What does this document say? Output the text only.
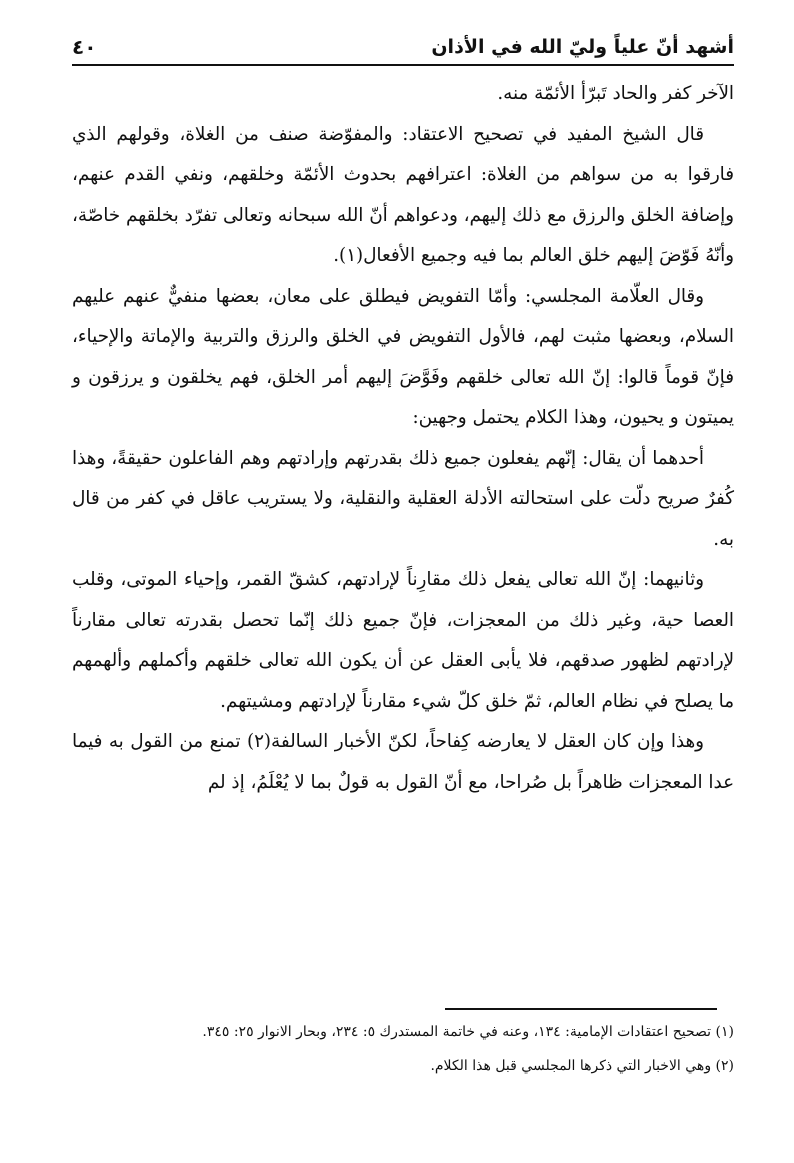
أشهد أنّ علياً وليّ الله في الأذان
٤٠

الآخر كفر والحاد تَبرّأ الأئمّة منه.

قال الشيخ المفيد في تصحيح الاعتقاد: والمفوّضة صنف من الغلاة، وقولهم الذي فارقوا به من سواهم من الغلاة: اعترافهم بحدوث الأئمّة وخلقهم، ونفي القدم عنهم، وإضافة الخلق والرزق مع ذلك إليهم، ودعواهم أنّ الله سبحانه وتعالى تفرّد بخلقهم خاصّة، وأنّهُ فَوّضَ إليهم خلق العالم بما فيه وجميع الأفعال(١).

وقال العلّامة المجلسي: وأمّا التفويض فيطلق على معان، بعضها منفيٌّ عنهم عليهم السلام، وبعضها مثبت لهم، فالأول التفويض في الخلق والرزق والتربية والإماتة والإحياء، فإنّ قوماً قالوا: إنّ الله تعالى خلقهم وفَوَّضَ إليهم أمر الخلق، فهم يخلقون و يرزقون و يميتون و يحيون، وهذا الكلام يحتمل وجهين:

أحدهما أن يقال: إنّهم يفعلون جميع ذلك بقدرتهم وإرادتهم وهم الفاعلون حقيقةً، وهذا كُفرٌ صريح دلّت على استحالته الأدلة العقلية والنقلية، ولا يستريب عاقل في كفر من قال به.

وثانيهما: إنّ الله تعالى يفعل ذلك مقارِناً لإرادتهم، كشقّ القمر، وإحياء الموتى، وقلب العصا حية، وغير ذلك من المعجزات، فإنّ جميع ذلك إنّما تحصل بقدرته تعالى مقارناً لإرادتهم لظهور صدقهم، فلا يأبى العقل عن أن يكون الله تعالى خلقهم وأكملهم وألهمهم ما يصلح في نظام العالم، ثمّ خلق كلّ شيء مقارناً لإرادتهم ومشيتهم.

وهذا وإن كان العقل لا يعارضه كِفاحاً، لكنّ الأخبار السالفة(٢) تمنع من القول به فيما عدا المعجزات ظاهراً بل صُراحا، مع أنّ القول به قولٌ بما لا يُعْلَمُ، إذ لم

(١) تصحيح اعتقادات الإمامية: ١٣٤، وعنه في خاتمة المستدرك ٥: ٢٣٤، وبحار الانوار ٢٥: ٣٤٥.

(٢) وهي الاخبار التي ذكرها المجلسي قبل هذا الكلام.
